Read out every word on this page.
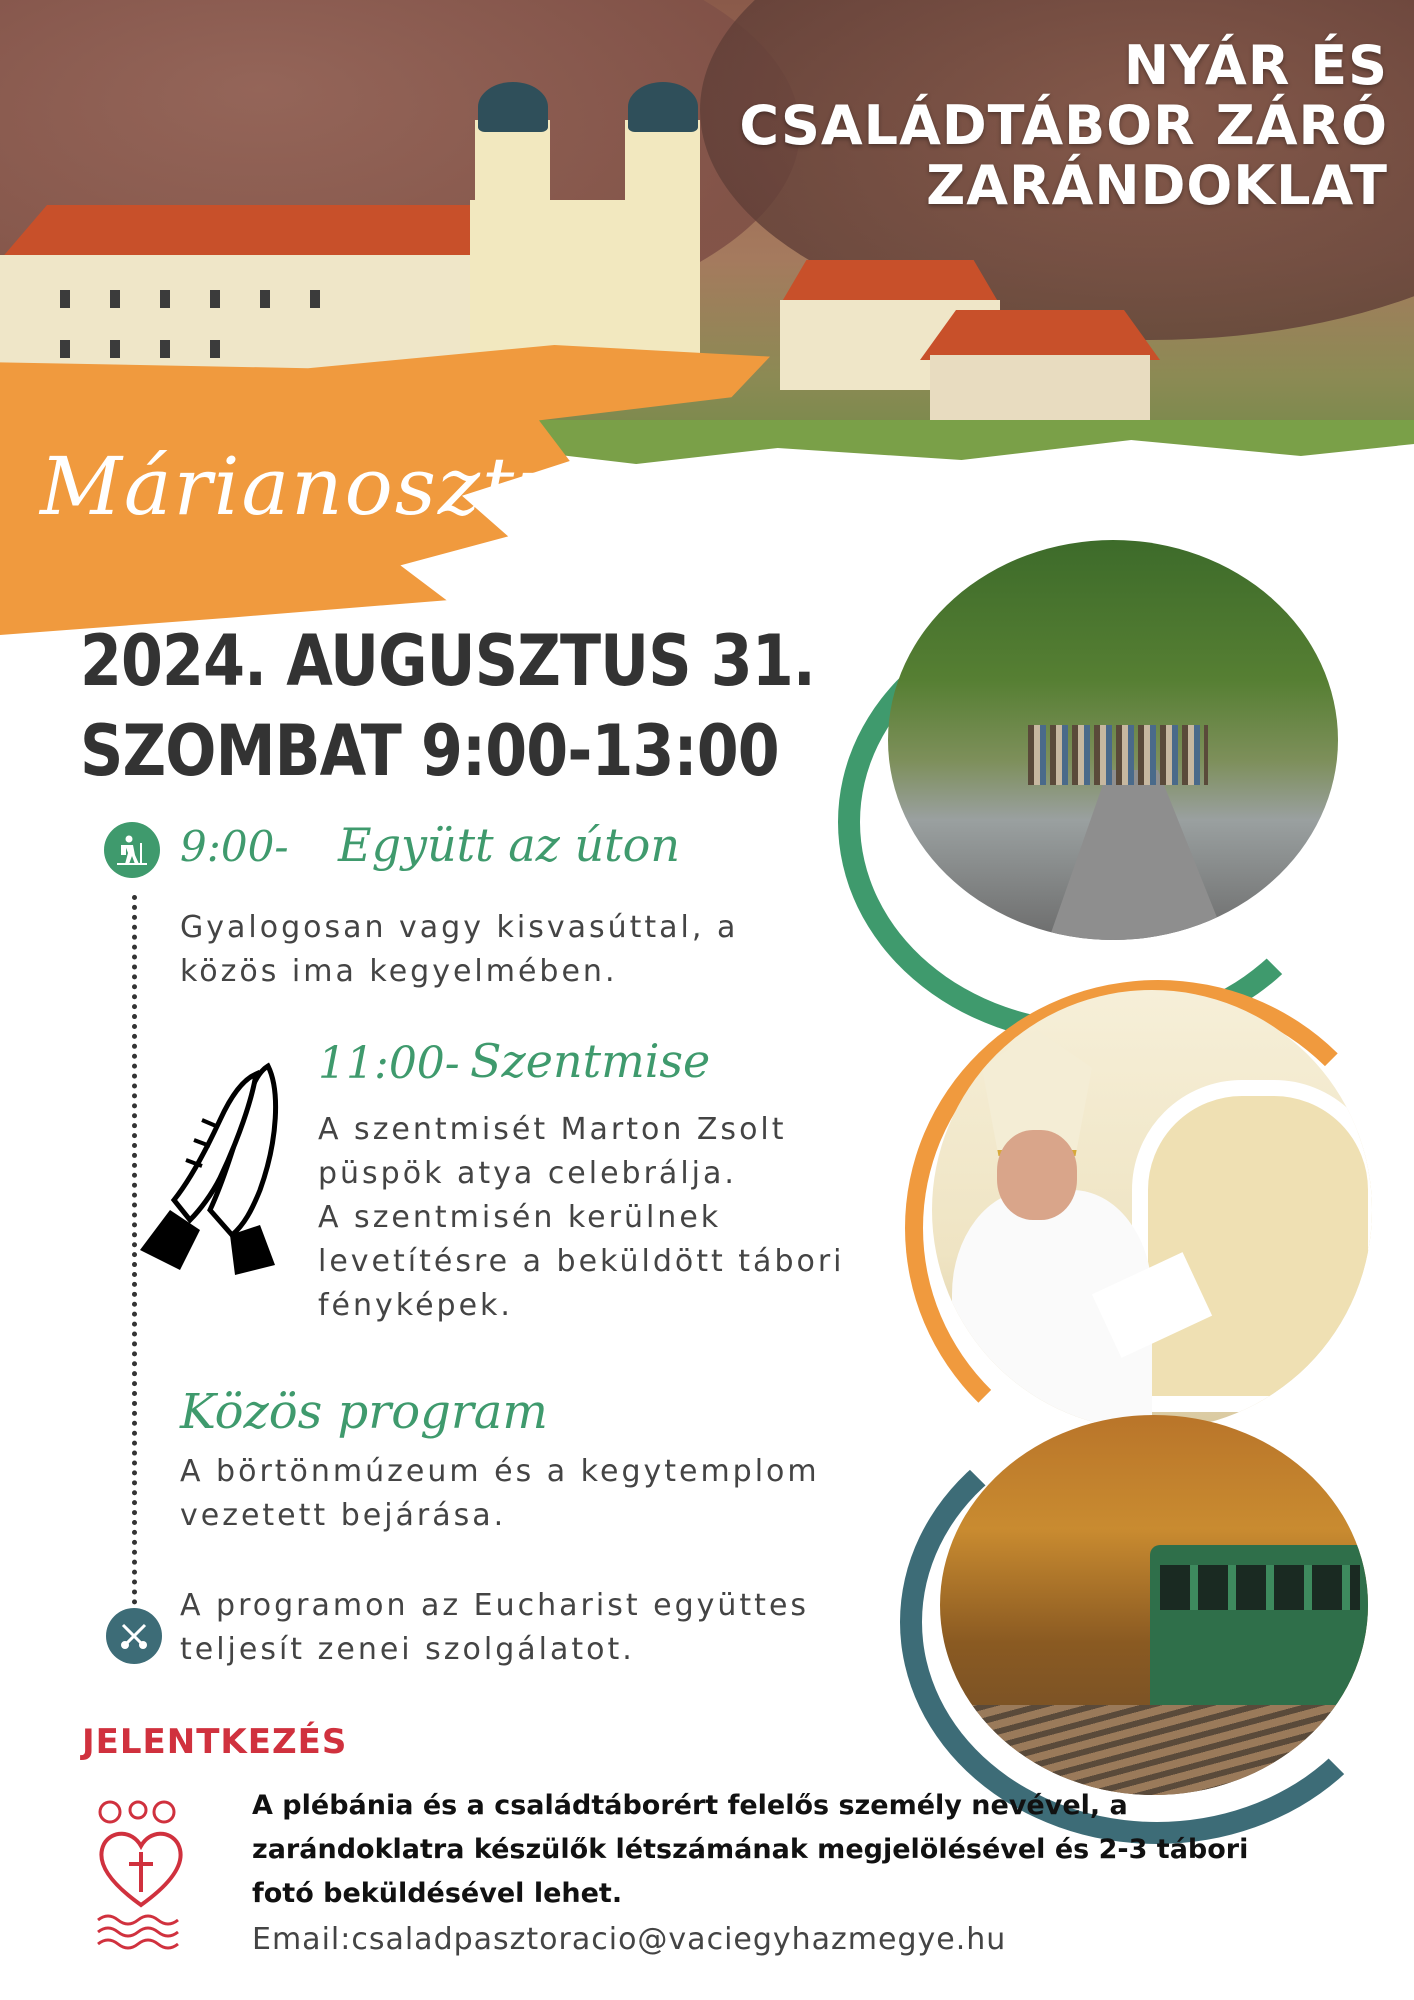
NYÁR ÉS
CSALÁDTÁBOR ZÁRÓ
ZARÁNDOKLAT
Márianosztra
2024. AUGUSZTUS 31.
SZOMBAT 9:00-13:00
9:00- Együtt az úton
Gyalogosan vagy kisvasúttal, a
közös ima kegyelmében.
11:00- Szentmise
A szentmisét Marton Zsolt
püspök atya celebrálja.
A szentmisén kerülnek
levetítésre a beküldött tábori
fényképek.
Közös program
A börtönmúzeum és a kegytemplom
vezetett bejárása.
A programon az Eucharist együttes
teljesít zenei szolgálatot.
JELENTKEZÉS
A plébánia és a családtáborért felelős személy nevével, a
zarándoklatra készülők létszámának megjelölésével és 2-3 tábori
fotó beküldésével lehet.
Email:csaladpasztoracio@vaciegyhazmegye.hu
